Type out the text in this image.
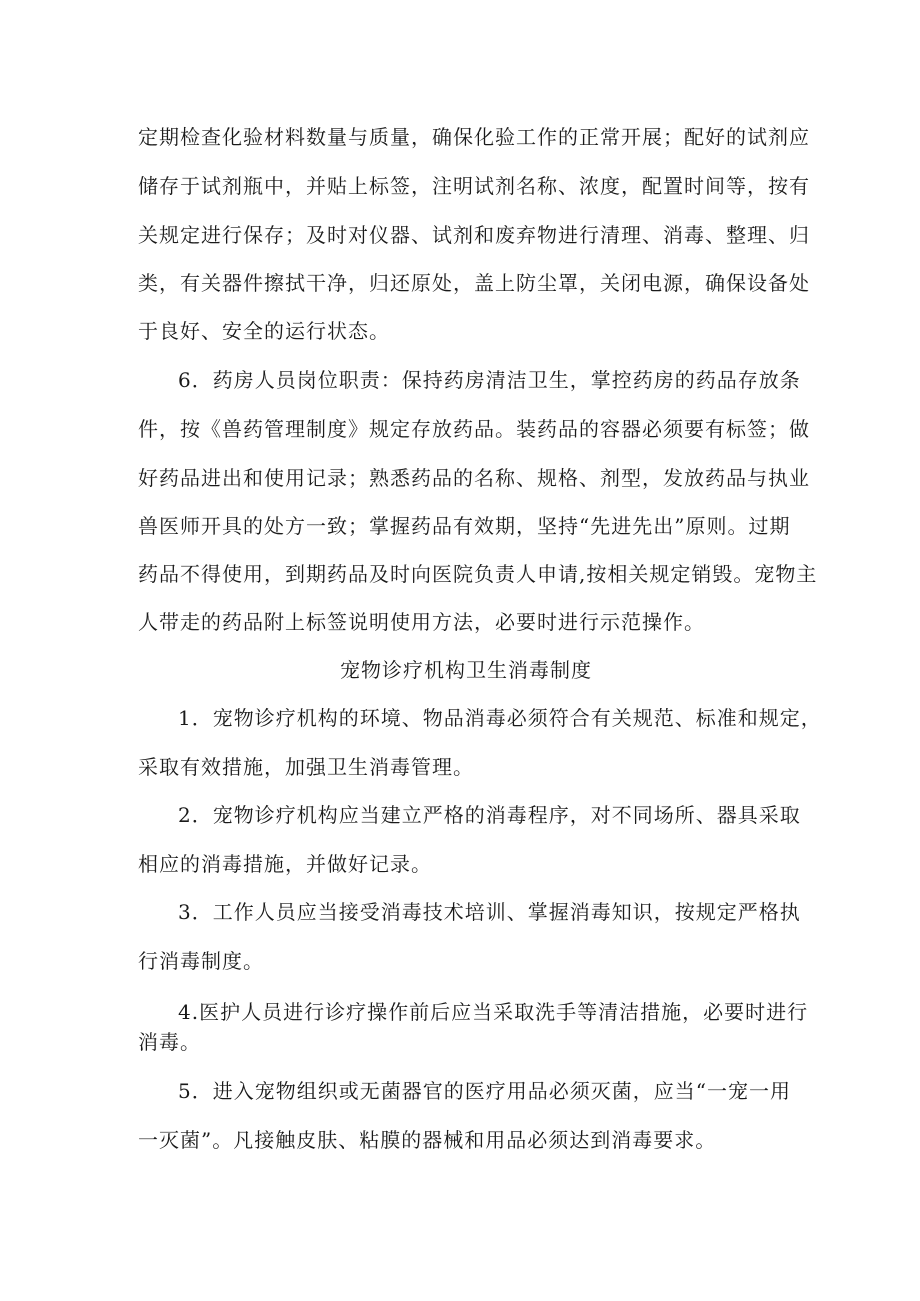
定期检查化验材料数量与质量，确保化验工作的正常开展；配好的试剂应
储存于试剂瓶中，并贴上标签，注明试剂名称、浓度，配置时间等，按有
关规定进行保存；及时对仪器、试剂和废弃物进行清理、消毒、整理、归
类，有关器件擦拭干净，归还原处，盖上防尘罩，关闭电源，确保设备处
于良好、安全的运行状态。
6．药房人员岗位职责：保持药房清洁卫生，掌控药房的药品存放条
件，按《兽药管理制度》规定存放药品。装药品的容器必须要有标签；做
好药品进出和使用记录；熟悉药品的名称、规格、剂型，发放药品与执业
兽医师开具的处方一致；掌握药品有效期，坚持“先进先出”原则。过期
药品不得使用，到期药品及时向医院负责人申请,按相关规定销毁。宠物主
人带走的药品附上标签说明使用方法，必要时进行示范操作。
宠物诊疗机构卫生消毒制度
1．宠物诊疗机构的环境、物品消毒必须符合有关规范、标准和规定，
采取有效措施，加强卫生消毒管理。
2．宠物诊疗机构应当建立严格的消毒程序，对不同场所、器具采取
相应的消毒措施，并做好记录。
3．工作人员应当接受消毒技术培训、掌握消毒知识，按规定严格执
行消毒制度。
4.医护人员进行诊疗操作前后应当采取洗手等清洁措施，必要时进行
消毒。
5．进入宠物组织或无菌器官的医疗用品必须灭菌，应当“一宠一用
一灭菌”。凡接触皮肤、粘膜的器械和用品必须达到消毒要求。
